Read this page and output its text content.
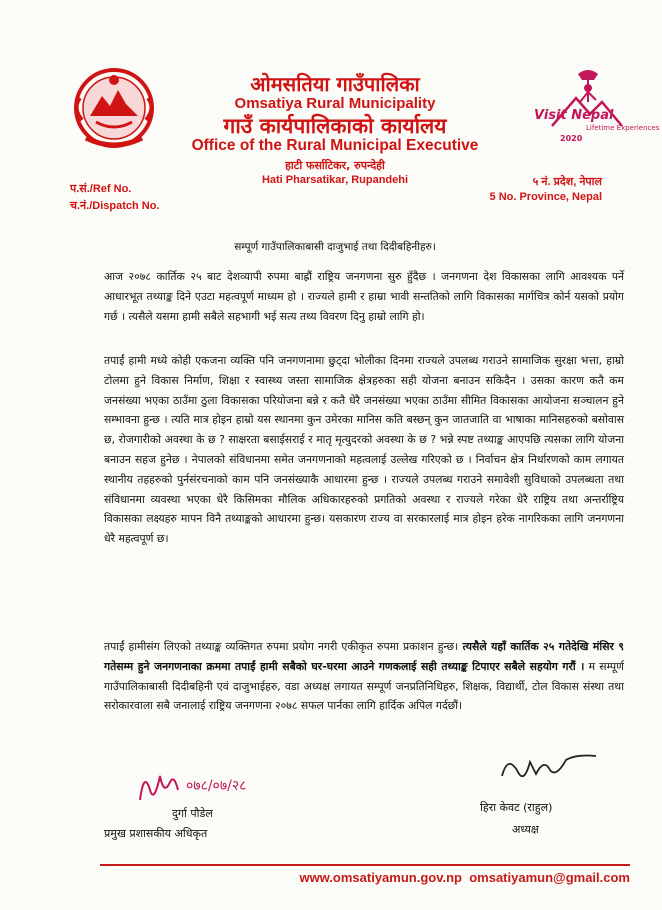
ओमसतिया गाउँपालिका
Omsatiya Rural Municipality
गाउँ कार्यपालिकाको कार्यालय
Office of the Rural Municipal Executive
हाटी फर्साटिकर, रुपन्देही
Hati Pharsatikar, Rupandehi
Visit Nepal
Lifetime Experiences
2020
प.सं./Ref No.
च.नं./Dispatch No.
५ नं. प्रदेश, नेपाल
5 No. Province, Nepal
सम्पूर्ण गाउँपालिकाबासी दाजुभाई तथा दिदीबहिनीहरु।
आज २०७८ कार्तिक २५ बाट देशव्यापी रुपमा बाह्रौं राष्ट्रिय जनगणना सुरु हुँदैछ । जनगणना देश विकासका लागि आवश्यक पर्ने आधारभूत तथ्याङ्क दिने एउटा महत्वपूर्ण माध्यम हो । राज्यले हामी र हाम्रा भावी सन्ततिको लागि विकासका मार्गचित्र कोर्न यसको प्रयोग गर्छ । त्यसैले यसमा हामी सबैले सहभागी भई सत्य तथ्य विवरण दिनु हाम्रो लागि हो।
तपाईं हामी मध्ये कोही एकजना व्यक्ति पनि जनगणनामा छुट्दा भोलीका दिनमा राज्यले उपलब्ध गराउने सामाजिक सुरक्षा भत्ता, हाम्रो टोलमा हुने विकास निर्माण, शिक्षा र स्वास्थ्य जस्ता सामाजिक क्षेत्रहरुका सही योजना बनाउन सकिदैन । उसका कारण कतै कम जनसंख्या भएका ठाउँमा ठुला विकासका परियोजना बन्ने र कतै धेरै जनसंख्या भएका ठाउँमा सीमित विकासका आयोजना सञ्चालन हुने सम्भावना हुन्छ । त्यति मात्र होइन हाम्रो यस स्थानमा कुन उमेरका मानिस कति बस्छन् कुन जातजाति वा भाषाका मानिसहरुको बसोवास छ, रोजगारीको अवस्था के छ ? साक्षरता बसाईसराई र मातृ मृत्युदरको अवस्था के छ ? भन्ने स्पष्ट तथ्याङ्क आएपछि त्यसका लागि योजना बनाउन सहज हुनेछ । नेपालको संविधानमा समेत जनगणनाको महत्वलाई उल्लेख गरिएको छ । निर्वाचन क्षेत्र निर्धारणको काम लगायत स्थानीय तहहरुको पुर्नसंरचनाको काम पनि जनसंख्याकै आधारमा हुन्छ । राज्यले उपलब्ध गराउने समावेशी सुविधाको उपलब्धता तथा संविधानमा व्यवस्था भएका धेरै किसिमका मौलिक अधिकारहरुको प्रगतिको अवस्था र राज्यले गरेका धेरै राष्ट्रिय तथा अन्तर्राष्ट्रिय विकासका लक्ष्यहरु मापन विनै तथ्याङ्कको आधारमा हुन्छ। यसकारण राज्य वा सरकारलाई मात्र होइन हरेक नागरिकका लागि जनगणना धेरै महत्वपूर्ण छ।
तपाईं हामीसंग लिएको तथ्याङ्क व्यक्तिगत रुपमा प्रयोग नगरी एकीकृत रुपमा प्रकाशन हुन्छ। त्यसैले यहाँ कार्तिक २५ गतेदेखि मंसिर ९ गतेसम्म हुने जनगणनाका क्रममा तपाईं हामी सबैको घर-घरमा आउने गणकलाई सही तथ्याङ्क टिपाएर सबैले सहयोग गरौं । म सम्पूर्ण गाउँपालिकाबासी दिदीबहिनी एवं दाजुभाईहरु, वडा अध्यक्ष लगायत सम्पूर्ण जनप्रतिनिधिहरु, शिक्षक, विद्यार्थी, टोल विकास संस्था तथा सरोकारवाला सबै जनालाई राष्ट्रिय जनगणना २०७८ सफल पार्नका लागि हार्दिक अपिल गर्दछौं।
०७८/०७/२८
दुर्गा पौडेल
प्रमुख प्रशासकीय अधिकृत
हिरा केवट (राहुल)
अध्यक्ष
www.omsatiyamun.gov.np omsatiyamun@gmail.com
